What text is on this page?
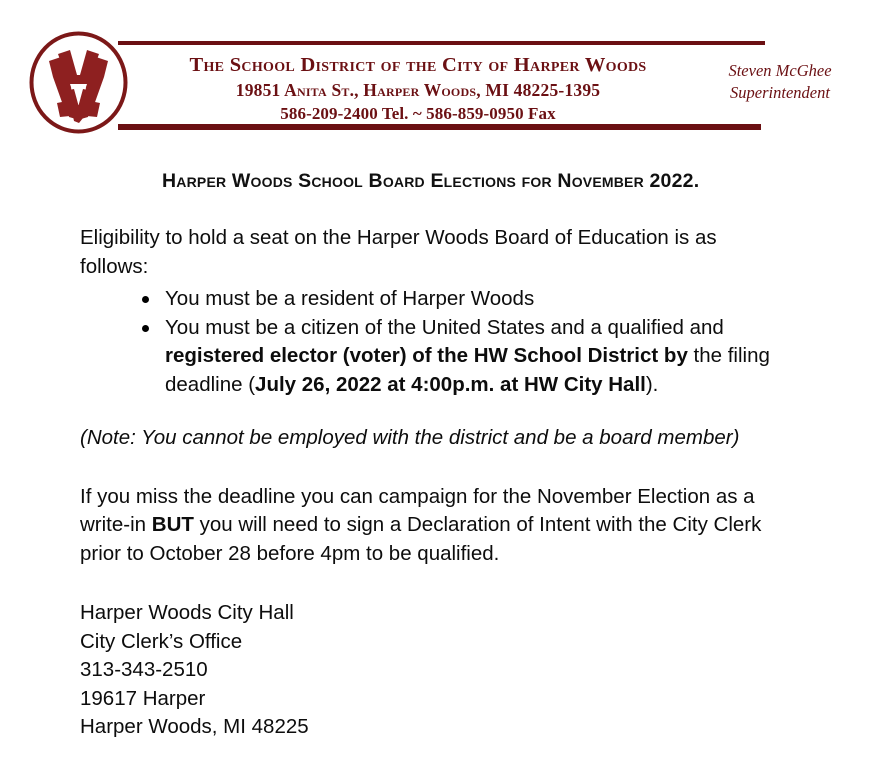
The School District of the City of Harper Woods
19851 Anita St., Harper Woods, MI 48225-1395
586-209-2400 Tel. ~ 586-859-0950 Fax
Steven McGhee
Superintendent
Harper Woods School Board Elections for November 2022.

Eligibility to hold a seat on the Harper Woods Board of Education is as follows:

You must be a resident of Harper Woods
You must be a citizen of the United States and a qualified and registered elector (voter) of the HW School District by the filing deadline (July 26, 2022 at 4:00p.m. at HW City Hall).

(Note: You cannot be employed with the district and be a board member)

If you miss the deadline you can campaign for the November Election as a write-in BUT you will need to sign a Declaration of Intent with the City Clerk prior to October 28 before 4pm to be qualified.

Harper Woods City Hall
City Clerk’s Office
313-343-2510
19617 Harper
Harper Woods, MI 48225
